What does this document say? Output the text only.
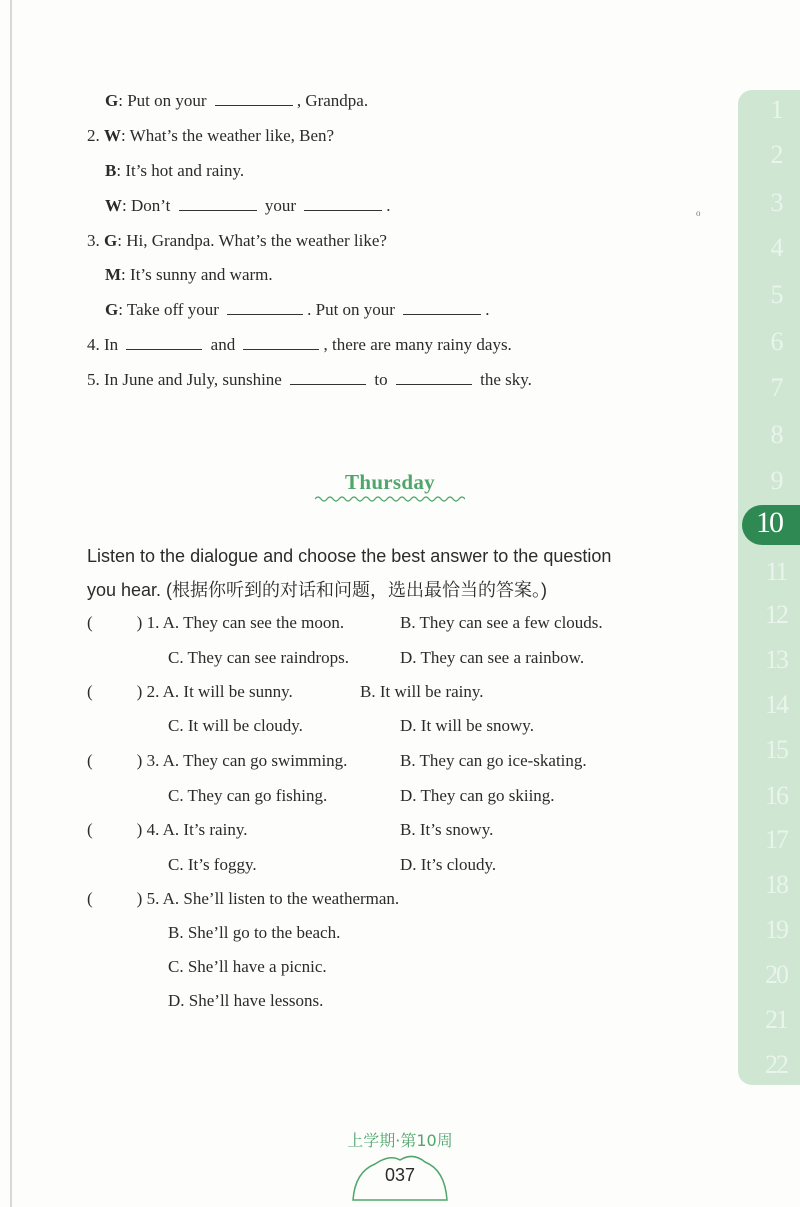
G: Put on your	, Grandpa.
2. W: What’s the weather like, Ben?
B: It’s hot and rainy.
W: Don’t	your	.
3. G: Hi, Grandpa. What’s the weather like?
M: It’s sunny and warm.
G: Take off your	. Put on your	.
4. In	and	, there are many rainy days.
5. In June and July, sunshine	to	the sky.
o
Thursday
Listen to the dialogue and choose the best answer to the question
you hear. (根据你听到的对话和问题，选出最恰当的答案。)
(	) 1. A. They can see the moon.	B. They can see a few clouds.
C. They can see raindrops.	D. They can see a rainbow.
(	) 2. A. It will be sunny.	B. It will be rainy.
C. It will be cloudy.	D. It will be snowy.
(	) 3. A. They can go swimming.	B. They can go ice-skating.
C. They can go fishing.	D. They can go skiing.
(	) 4. A. It’s rainy.	B. It’s snowy.
C. It’s foggy.	D. It’s cloudy.
(	) 5. A. She’ll listen to the weatherman.
B. She’ll go to the beach.
C. She’ll have a picnic.
D. She’ll have lessons.
1
2
3
4
5
6
7
8
9
11
12
13
14
15
16
17
18
19
20
21
22
10
上学期·第10周
037
